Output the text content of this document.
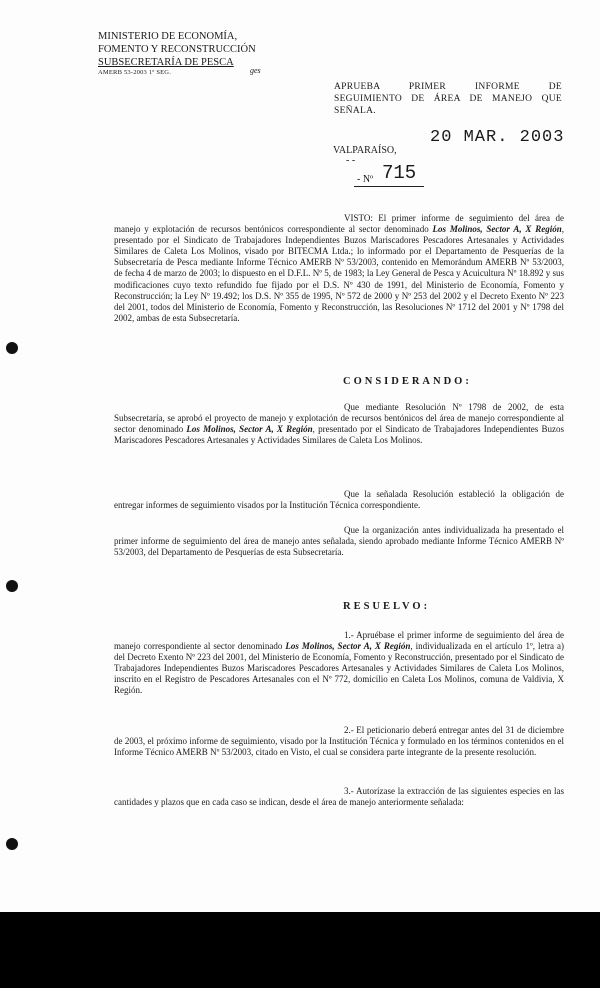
MINISTERIO DE ECONOMÍA,
FOMENTO Y RECONSTRUCCIÓN
SUBSECRETARÍA DE PESCA
AMERB 53-2003 1º SEG.	ges
APRUEBA PRIMER INFORME DE
SEGUIMIENTO DE ÁREA DE MANEJO QUE
SEÑALA.
20 MAR. 2003
VALPARAÍSO,
- -
- Nº 715

VISTO: El primer informe de seguimiento del área de manejo y explotación de recursos bentónicos correspondiente al sector denominado Los Molinos, Sector A, X Región, presentado por el Sindicato de Trabajadores Independientes Buzos Mariscadores Pescadores Artesanales y Actividades Similares de Caleta Los Molinos, visado por BITECMA Ltda.; lo informado por el Departamento de Pesquerías de la Subsecretaría de Pesca mediante Informe Técnico AMERB Nº 53/2003, contenido en Memorándum AMERB Nº 53/2003, de fecha 4 de marzo de 2003; lo dispuesto en el D.F.L. Nº 5, de 1983; la Ley General de Pesca y Acuicultura Nº 18.892 y sus modificaciones cuyo texto refundido fue fijado por el D.S. Nº 430 de 1991, del Ministerio de Economía, Fomento y Reconstrucción; la Ley Nº 19.492; los D.S. Nº 355 de 1995, Nº 572 de 2000 y Nº 253 del 2002 y el Decreto Exento Nº 223 del 2001, todos del Ministerio de Economía, Fomento y Reconstrucción, las Resoluciones Nº 1712 del 2001 y Nº 1798 del 2002, ambas de esta Subsecretaría.

CONSIDERANDO:

Que mediante Resolución Nº 1798 de 2002, de esta Subsecretaría, se aprobó el proyecto de manejo y explotación de recursos bentónicos del área de manejo correspondiente al sector denominado Los Molinos, Sector A, X Región, presentado por el Sindicato de Trabajadores Independientes Buzos Mariscadores Pescadores Artesanales y Actividades Similares de Caleta Los Molinos.

Que la señalada Resolución estableció la obligación de entregar informes de seguimiento visados por la Institución Técnica correspondiente.

Que la organización antes individualizada ha presentado el primer informe de seguimiento del área de manejo antes señalada, siendo aprobado mediante Informe Técnico AMERB Nº 53/2003, del Departamento de Pesquerías de esta Subsecretaría.

RESUELVO:

1.- Apruébase el primer informe de seguimiento del área de manejo correspondiente al sector denominado Los Molinos, Sector A, X Región, individualizada en el artículo 1º, letra a) del Decreto Exento Nº 223 del 2001, del Ministerio de Economía, Fomento y Reconstrucción, presentado por el Sindicato de Trabajadores Independientes Buzos Mariscadores Pescadores Artesanales y Actividades Similares de Caleta Los Molinos, inscrito en el Registro de Pescadores Artesanales con el Nº 772, domicilio en Caleta Los Molinos, comuna de Valdivia, X Región.

2.- El peticionario deberá entregar antes del 31 de diciembre de 2003, el próximo informe de seguimiento, visado por la Institución Técnica y formulado en los términos contenidos en el Informe Técnico AMERB Nº 53/2003, citado en Visto, el cual se considera parte integrante de la presente resolución.

3.- Autorízase la extracción de las siguientes especies en las cantidades y plazos que en cada caso se indican, desde el área de manejo anteriormente señalada:
